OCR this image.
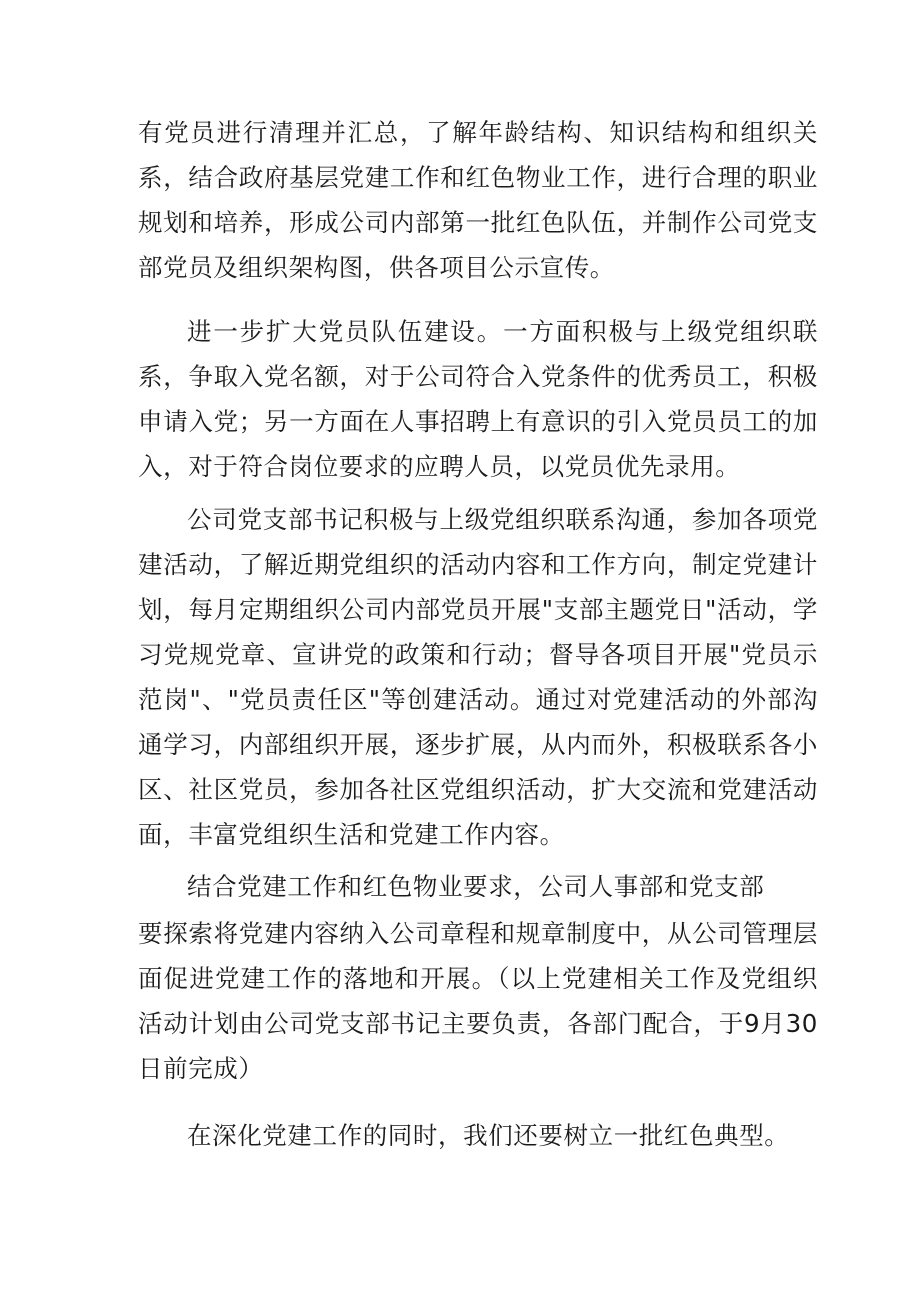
有党员进行清理并汇总，了解年龄结构、知识结构和组织关系，结合政府基层党建工作和红色物业工作，进行合理的职业规划和培养，形成公司内部第一批红色队伍，并制作公司党支部党员及组织架构图，供各项目公示宣传。

进一步扩大党员队伍建设。一方面积极与上级党组织联系，争取入党名额，对于公司符合入党条件的优秀员工，积极申请入党；另一方面在人事招聘上有意识的引入党员员工的加入，对于符合岗位要求的应聘人员，以党员优先录用。

公司党支部书记积极与上级党组织联系沟通，参加各项党建活动，了解近期党组织的活动内容和工作方向，制定党建计划，每月定期组织公司内部党员开展"支部主题党日"活动，学习党规党章、宣讲党的政策和行动；督导各项目开展"党员示范岗"、"党员责任区"等创建活动。通过对党建活动的外部沟通学习，内部组织开展，逐步扩展，从内而外，积极联系各小区、社区党员，参加各社区党组织活动，扩大交流和党建活动面，丰富党组织生活和党建工作内容。

结合党建工作和红色物业要求，公司人事部和党支部

要探索将党建内容纳入公司章程和规章制度中，从公司管理层面促进党建工作的落地和开展。（以上党建相关工作及党组织活动计划由公司党支部书记主要负责，各部门配合，于9月30日前完成）

在深化党建工作的同时，我们还要树立一批红色典型。
